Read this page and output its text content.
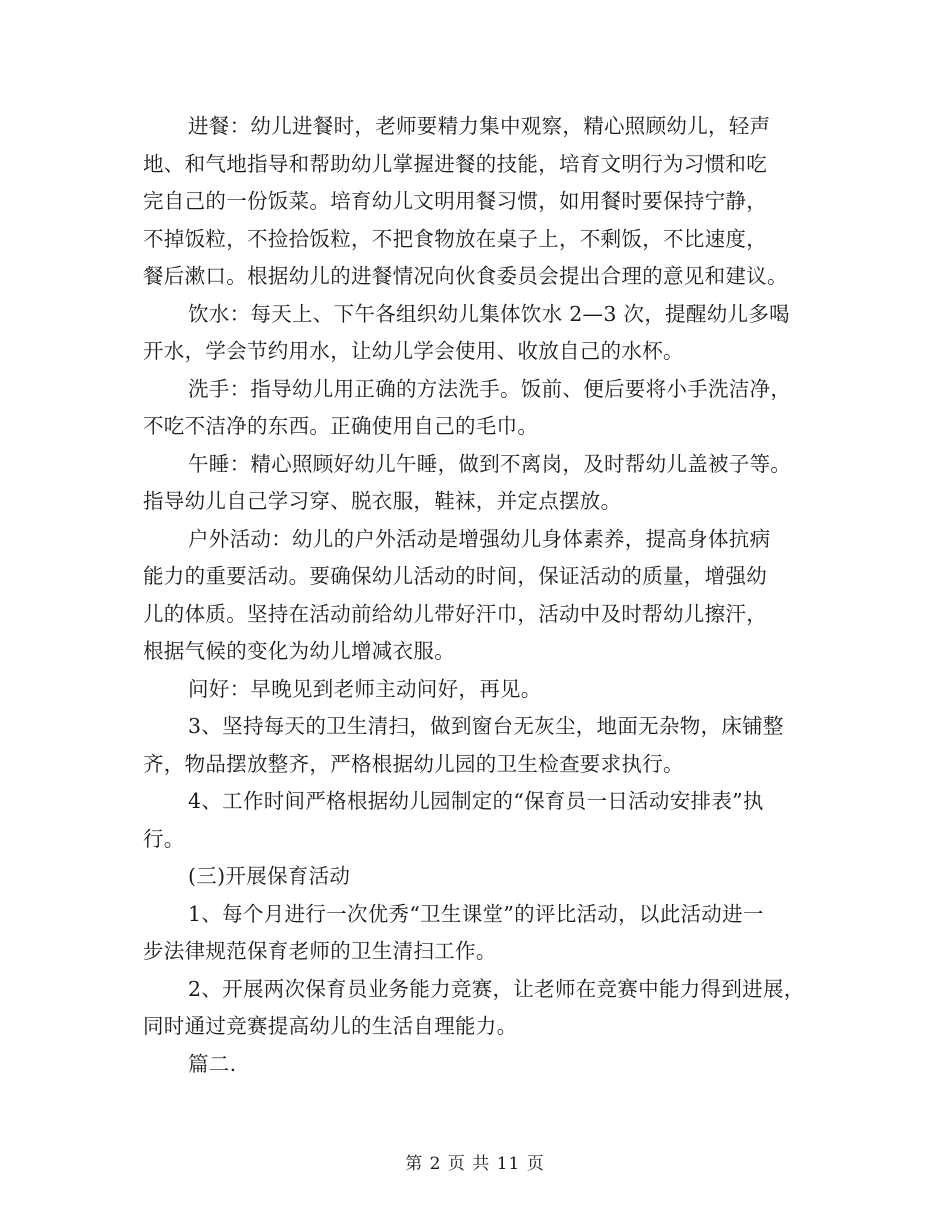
进餐：幼儿进餐时，老师要精力集中观察，精心照顾幼儿，轻声
地、和气地指导和帮助幼儿掌握进餐的技能，培育文明行为习惯和吃
完自己的一份饭菜。培育幼儿文明用餐习惯，如用餐时要保持宁静，
不掉饭粒，不捡拾饭粒，不把食物放在桌子上，不剩饭，不比速度，
餐后漱口。根据幼儿的进餐情况向伙食委员会提出合理的意见和建议。
饮水：每天上、下午各组织幼儿集体饮水 2—3 次，提醒幼儿多喝
开水，学会节约用水，让幼儿学会使用、收放自己的水杯。
洗手：指导幼儿用正确的方法洗手。饭前、便后要将小手洗洁净，
不吃不洁净的东西。正确使用自己的毛巾。
午睡：精心照顾好幼儿午睡，做到不离岗，及时帮幼儿盖被子等。
指导幼儿自己学习穿、脱衣服，鞋袜，并定点摆放。
户外活动：幼儿的户外活动是增强幼儿身体素养，提高身体抗病
能力的重要活动。要确保幼儿活动的时间，保证活动的质量，增强幼
儿的体质。坚持在活动前给幼儿带好汗巾，活动中及时帮幼儿擦汗，
根据气候的变化为幼儿增减衣服。
问好：早晚见到老师主动问好，再见。
3、坚持每天的卫生清扫，做到窗台无灰尘，地面无杂物，床铺整
齐，物品摆放整齐，严格根据幼儿园的卫生检查要求执行。
4、工作时间严格根据幼儿园制定的“保育员一日活动安排表”执
行。
(三)开展保育活动
1、每个月进行一次优秀“卫生课堂”的评比活动，以此活动进一
步法律规范保育老师的卫生清扫工作。
2、开展两次保育员业务能力竞赛，让老师在竞赛中能力得到进展，
同时通过竞赛提高幼儿的生活自理能力。
篇二.
第 2 页 共 11 页
